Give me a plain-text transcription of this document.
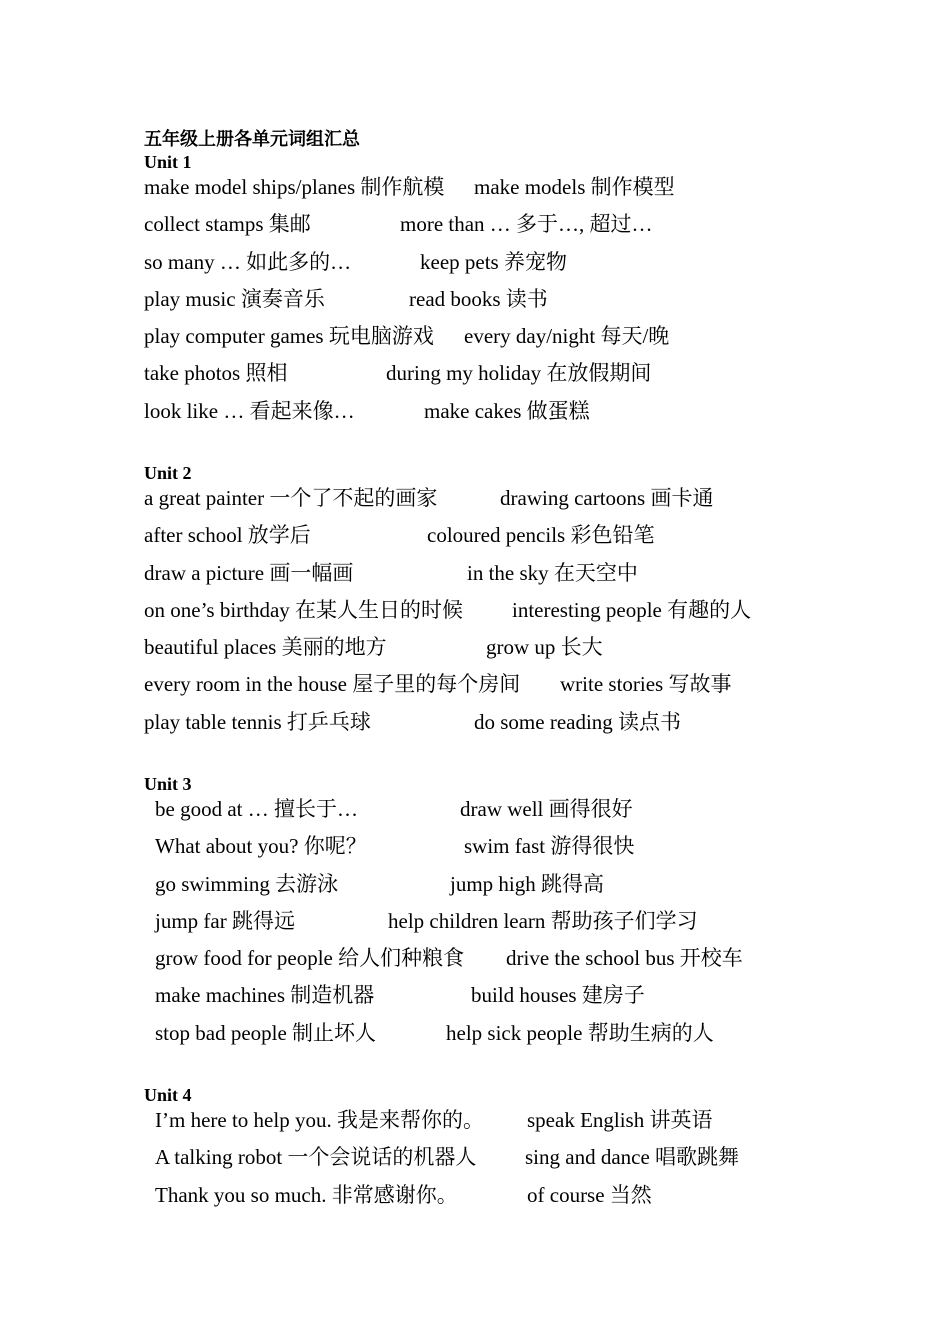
五年级上册各单元词组汇总
Unit 1
make model ships/planes 制作航模 make models 制作模型
collect stamps 集邮	more than … 多于…, 超过…
so many … 如此多的…	keep pets 养宠物
play music 演奏音乐	read books 读书
play computer games 玩电脑游戏 every day/night 每天/晚
take photos 照相	during my holiday 在放假期间
look like … 看起来像…	make cakes 做蛋糕
Unit 2
a great painter 一个了不起的画家	drawing cartoons 画卡通
after school 放学后	coloured pencils 彩色铅笔
draw a picture 画一幅画	in the sky 在天空中
on one’s birthday 在某人生日的时候 interesting people 有趣的人
beautiful places 美丽的地方	grow up 长大
every room in the house 屋子里的每个房间 write stories 写故事
play table tennis 打乒乓球	do some reading 读点书
Unit 3
be good at … 擅长于…	draw well 画得很好
What about you? 你呢？	swim fast 游得很快
go swimming 去游泳	jump high 跳得高
jump far 跳得远	help children learn 帮助孩子们学习
grow food for people 给人们种粮食 drive the school bus 开校车
make machines 制造机器	build houses 建房子
stop bad people 制止坏人	help sick people 帮助生病的人
Unit 4
I’m here to help you. 我是来帮你的。 speak English 讲英语
A talking robot 一个会说话的机器人 sing and dance 唱歌跳舞
Thank you so much. 非常感谢你。	of course 当然
